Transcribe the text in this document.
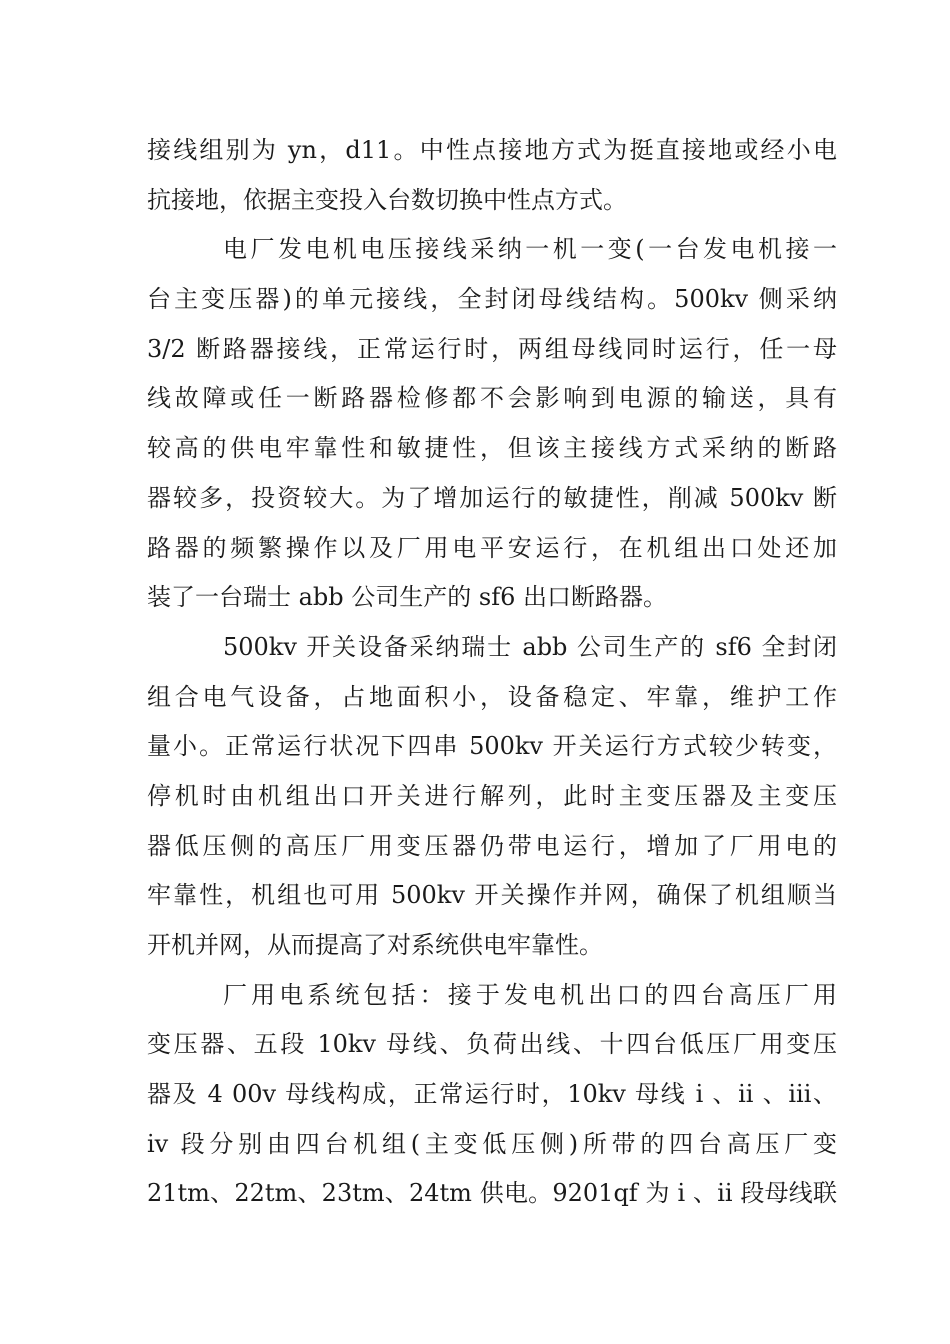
接线组别为 yn，d11。中性点接地方式为挺直接地或经小电
抗接地，依据主变投入台数切换中性点方式。
电厂发电机电压接线采纳一机一变(一台发电机接一
台主变压器)的单元接线，全封闭母线结构。500kv 侧采纳
3/2 断路器接线，正常运行时，两组母线同时运行，任一母
线故障或任一断路器检修都不会影响到电源的输送，具有
较高的供电牢靠性和敏捷性，但该主接线方式采纳的断路
器较多，投资较大。为了增加运行的敏捷性，削减 500kv 断
路器的频繁操作以及厂用电平安运行，在机组出口处还加
装了一台瑞士 abb 公司生产的 sf6 出口断路器。
500kv 开关设备采纳瑞士 abb 公司生产的 sf6 全封闭
组合电气设备，占地面积小，设备稳定、牢靠，维护工作
量小。正常运行状况下四串 500kv 开关运行方式较少转变，
停机时由机组出口开关进行解列，此时主变压器及主变压
器低压侧的高压厂用变压器仍带电运行，增加了厂用电的
牢靠性，机组也可用 500kv 开关操作并网，确保了机组顺当
开机并网，从而提高了对系统供电牢靠性。
厂用电系统包括：接于发电机出口的四台高压厂用
变压器、五段 10kv 母线、负荷出线、十四台低压厂用变压
器及 4 00v 母线构成，正常运行时，10kv 母线 i 、ii 、iii、
iv 段分别由四台机组(主变低压侧)所带的四台高压厂变
21tm、22tm、23tm、24tm 供电。9201qf 为 i 、ii 段母线联
